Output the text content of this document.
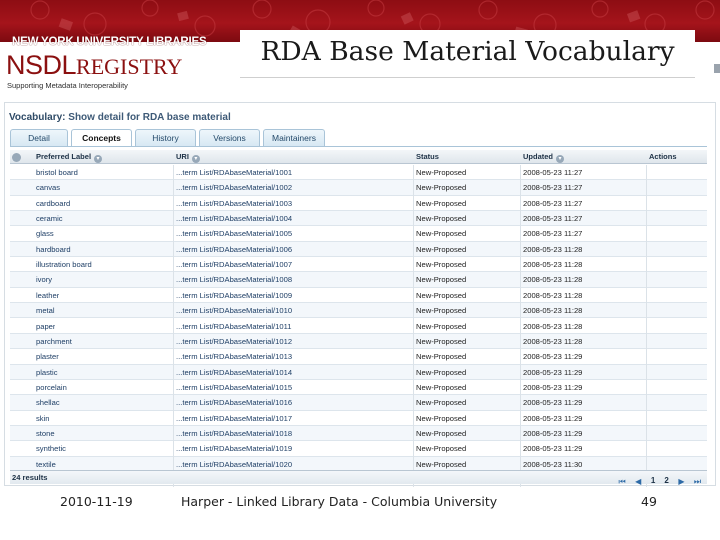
NEW YORK UNIVERSITY LIBRARIES
NSDLREGISTRY
Supporting Metadata Interoperability
RDA Base Material Vocabulary
Vocabulary: Show detail for RDA base material
Detail	Concepts	History	Versions	Maintainers
Preferred Label ▾	URI ▾	Status	Updated ▾	Actions
bristol board	...term List/RDAbaseMaterial/1001	New-Proposed	2008-05-23 11:27
canvas	...term List/RDAbaseMaterial/1002	New-Proposed	2008-05-23 11:27
cardboard	...term List/RDAbaseMaterial/1003	New-Proposed	2008-05-23 11:27
ceramic	...term List/RDAbaseMaterial/1004	New-Proposed	2008-05-23 11:27
glass	...term List/RDAbaseMaterial/1005	New-Proposed	2008-05-23 11:27
hardboard	...term List/RDAbaseMaterial/1006	New-Proposed	2008-05-23 11:28
illustration board	...term List/RDAbaseMaterial/1007	New-Proposed	2008-05-23 11:28
ivory	...term List/RDAbaseMaterial/1008	New-Proposed	2008-05-23 11:28
leather	...term List/RDAbaseMaterial/1009	New-Proposed	2008-05-23 11:28
metal	...term List/RDAbaseMaterial/1010	New-Proposed	2008-05-23 11:28
paper	...term List/RDAbaseMaterial/1011	New-Proposed	2008-05-23 11:28
parchment	...term List/RDAbaseMaterial/1012	New-Proposed	2008-05-23 11:28
plaster	...term List/RDAbaseMaterial/1013	New-Proposed	2008-05-23 11:29
plastic	...term List/RDAbaseMaterial/1014	New-Proposed	2008-05-23 11:29
porcelain	...term List/RDAbaseMaterial/1015	New-Proposed	2008-05-23 11:29
shellac	...term List/RDAbaseMaterial/1016	New-Proposed	2008-05-23 11:29
skin	...term List/RDAbaseMaterial/1017	New-Proposed	2008-05-23 11:29
stone	...term List/RDAbaseMaterial/1018	New-Proposed	2008-05-23 11:29
synthetic	...term List/RDAbaseMaterial/1019	New-Proposed	2008-05-23 11:29
textile	...term List/RDAbaseMaterial/1020	New-Proposed	2008-05-23 11:30
24 results	⏮ ◀ 1 2 ▶ ⏭
2010-11-19	Harper - Linked Library Data - Columbia University	49
